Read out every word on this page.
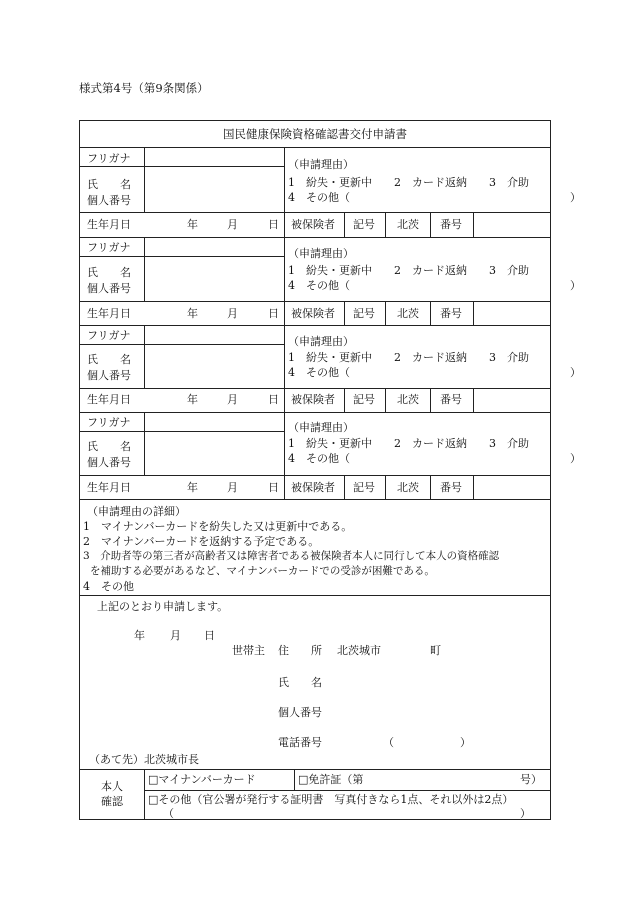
様式第4号（第9条関係）
国民健康保険資格確認書交付申請書
フリガナ
氏　　名
個人番号
（申請理由）
1　紛失・更新中　　2　カード返納　　3　介助
4　その他（　　　　　　　　　　　　　　　　　　　　）
生年月日	年	月	日 被保険者 記号 北茨 番号
フリガナ
氏　　名
個人番号
（申請理由）
1　紛失・更新中　　2　カード返納　　3　介助
4　その他（　　　　　　　　　　　　　　　　　　　　）
生年月日	年	月	日 被保険者 記号 北茨 番号
フリガナ
氏　　名
個人番号
（申請理由）
1　紛失・更新中　　2　カード返納　　3　介助
4　その他（　　　　　　　　　　　　　　　　　　　　）
生年月日	年	月	日 被保険者 記号 北茨 番号
フリガナ
氏　　名
個人番号
（申請理由）
1　紛失・更新中　　2　カード返納　　3　介助
4　その他（　　　　　　　　　　　　　　　　　　　　）
生年月日	年	月	日 被保険者 記号 北茨 番号
（申請理由の詳細）
1　マイナンバーカードを紛失した又は更新中である。
2　マイナンバーカードを返納する予定である。
3　介助者等の第三者が高齢者又は障害者である被保険者本人に同行して本人の資格確認
を補助する必要があるなど、マイナンバーカードでの受診が困難である。
4　その他
上記のとおり申請します。
年 月 日
世帯主 住　　所 北茨城市	町
氏　　名
個人番号
電話番号	（　　　　　　）
（あて先）北茨城市長
本人
確認
□マイナンバーカード	□免許証（第	号）
□その他（官公署が発行する証明書　写真付きなら1点、それ以外は2点）
（	）
